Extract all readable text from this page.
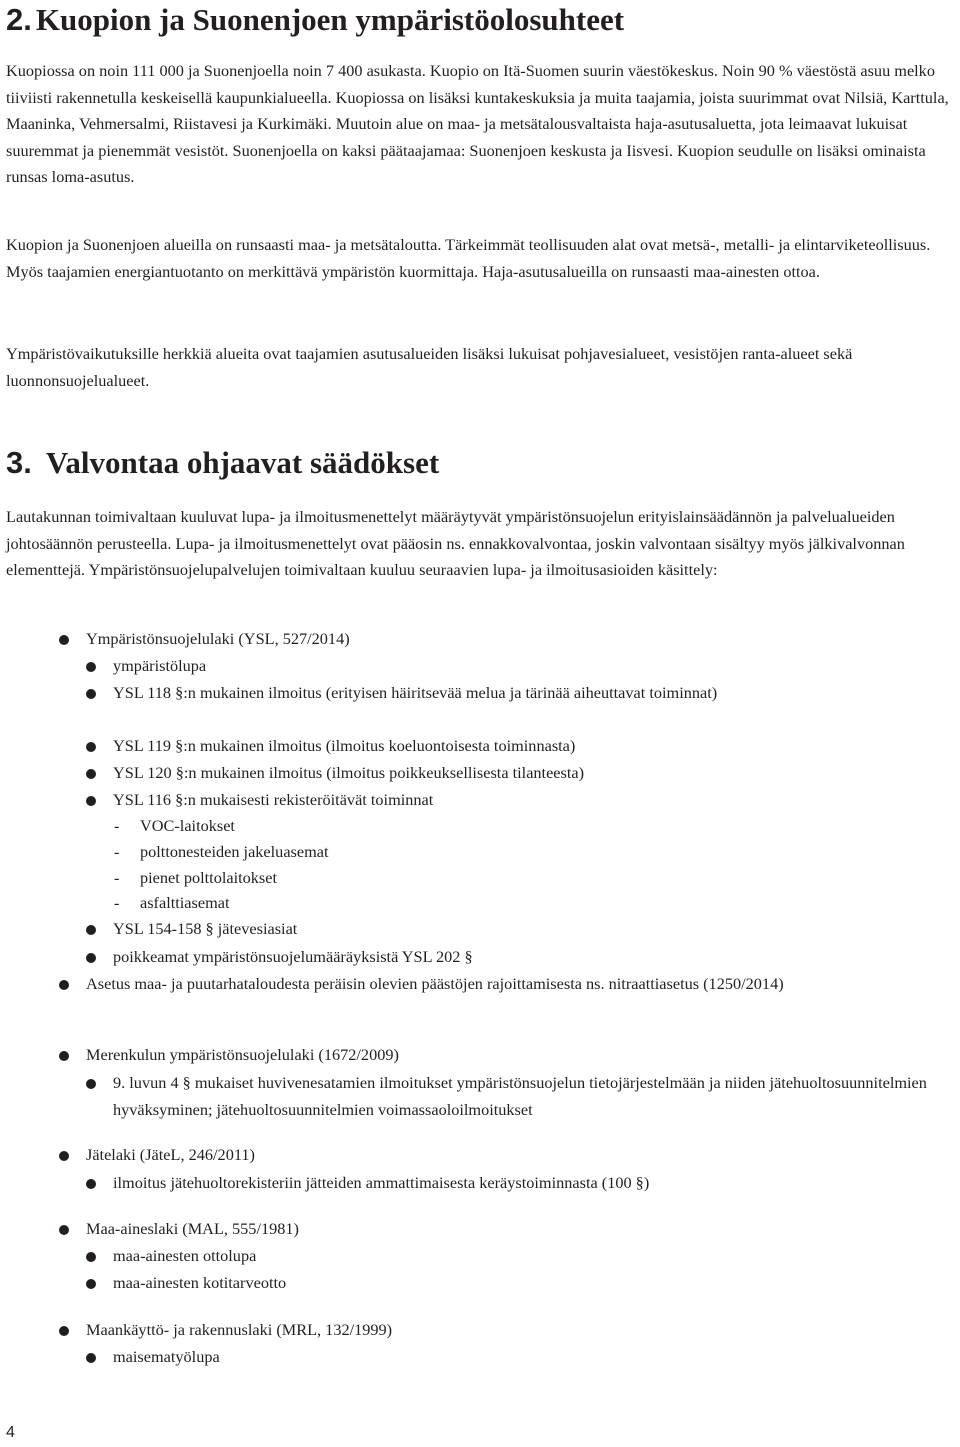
2. Kuopion ja Suonenjoen ympäristöolosuhteet

Kuopiossa on noin 111 000 ja Suonenjoella noin 7 400 asukasta. Kuopio on Itä-Suomen suurin väestökeskus. Noin 90 % väestöstä asuu melko tiiviisti rakennetulla keskeisellä kaupunkialueella. Kuopiossa on lisäksi kuntakeskuksia ja muita taajamia, joista suurimmat ovat Nilsiä, Karttula, Maaninka, Vehmersalmi, Riistavesi ja Kurkimäki. Muutoin alue on maa- ja metsätalousvaltaista haja-asutusaluetta, jota leimaavat lukuisat suuremmat ja pienemmät vesistöt. Suonenjoella on kaksi päätaajamaa: Suonenjoen keskusta ja Iisvesi. Kuopion seudulle on lisäksi ominaista runsas loma-asutus.

Kuopion ja Suonenjoen alueilla on runsaasti maa- ja metsätaloutta. Tärkeimmät teollisuuden alat ovat metsä-, metalli- ja elintarviketeollisuus. Myös taajamien energiantuotanto on merkittävä ympäristön kuormittaja. Haja-asutusalueilla on runsaasti maa-ainesten ottoa.

Ympäristövaikutuksille herkkiä alueita ovat taajamien asutusalueiden lisäksi lukuisat pohjavesialueet, vesistöjen ranta-alueet sekä luonnonsuojelualueet.

3. Valvontaa ohjaavat säädökset

Lautakunnan toimivaltaan kuuluvat lupa- ja ilmoitusmenettelyt määräytyvät ympäristönsuojelun erityislainsäädännön ja palvelualueiden johtosäännön perusteella. Lupa- ja ilmoitusmenettelyt ovat pääosin ns. ennakkovalvontaa, joskin valvontaan sisältyy myös jälkivalvonnan elementtejä. Ympäristönsuojelupalvelujen toimivaltaan kuuluu seuraavien lupa- ja ilmoitusasioiden käsittely:

Ympäristönsuojelulaki (YSL, 527/2014)
ympäristölupa
YSL 118 §:n mukainen ilmoitus (erityisen häiritsevää melua ja tärinää aiheuttavat toiminnat)
YSL 119 §:n mukainen ilmoitus (ilmoitus koeluontoisesta toiminnasta)
YSL 120 §:n mukainen ilmoitus (ilmoitus poikkeuksellisesta tilanteesta)
YSL 116 §:n mukaisesti rekisteröitävät toiminnat
- VOC-laitokset
- polttonesteiden jakeluasemat
- pienet polttolaitokset
- asfalttiasemat
YSL 154-158 § jätevesiasiat
poikkeamat ympäristönsuojelumääräyksistä YSL 202 §
Asetus maa- ja puutarhataloudesta peräisin olevien päästöjen rajoittamisesta ns. nitraattiasetus (1250/2014)
Merenkulun ympäristönsuojelulaki (1672/2009)
9. luvun 4 § mukaiset huvivenesatamien ilmoitukset ympäristönsuojelun tietojärjestelmään ja niiden jätehuoltosuunnitelmien hyväksyminen; jätehuoltosuunnitelmien voimassaoloilmoitukset
Jätelaki (JäteL, 246/2011)
ilmoitus jätehuoltorekisteriin jätteiden ammattimaisesta keräystoiminnasta (100 §)
Maa-aineslaki (MAL, 555/1981)
maa-ainesten ottolupa
maa-ainesten kotitarveotto
Maankäyttö- ja rakennuslaki (MRL, 132/1999)
maisematyölupa
4
